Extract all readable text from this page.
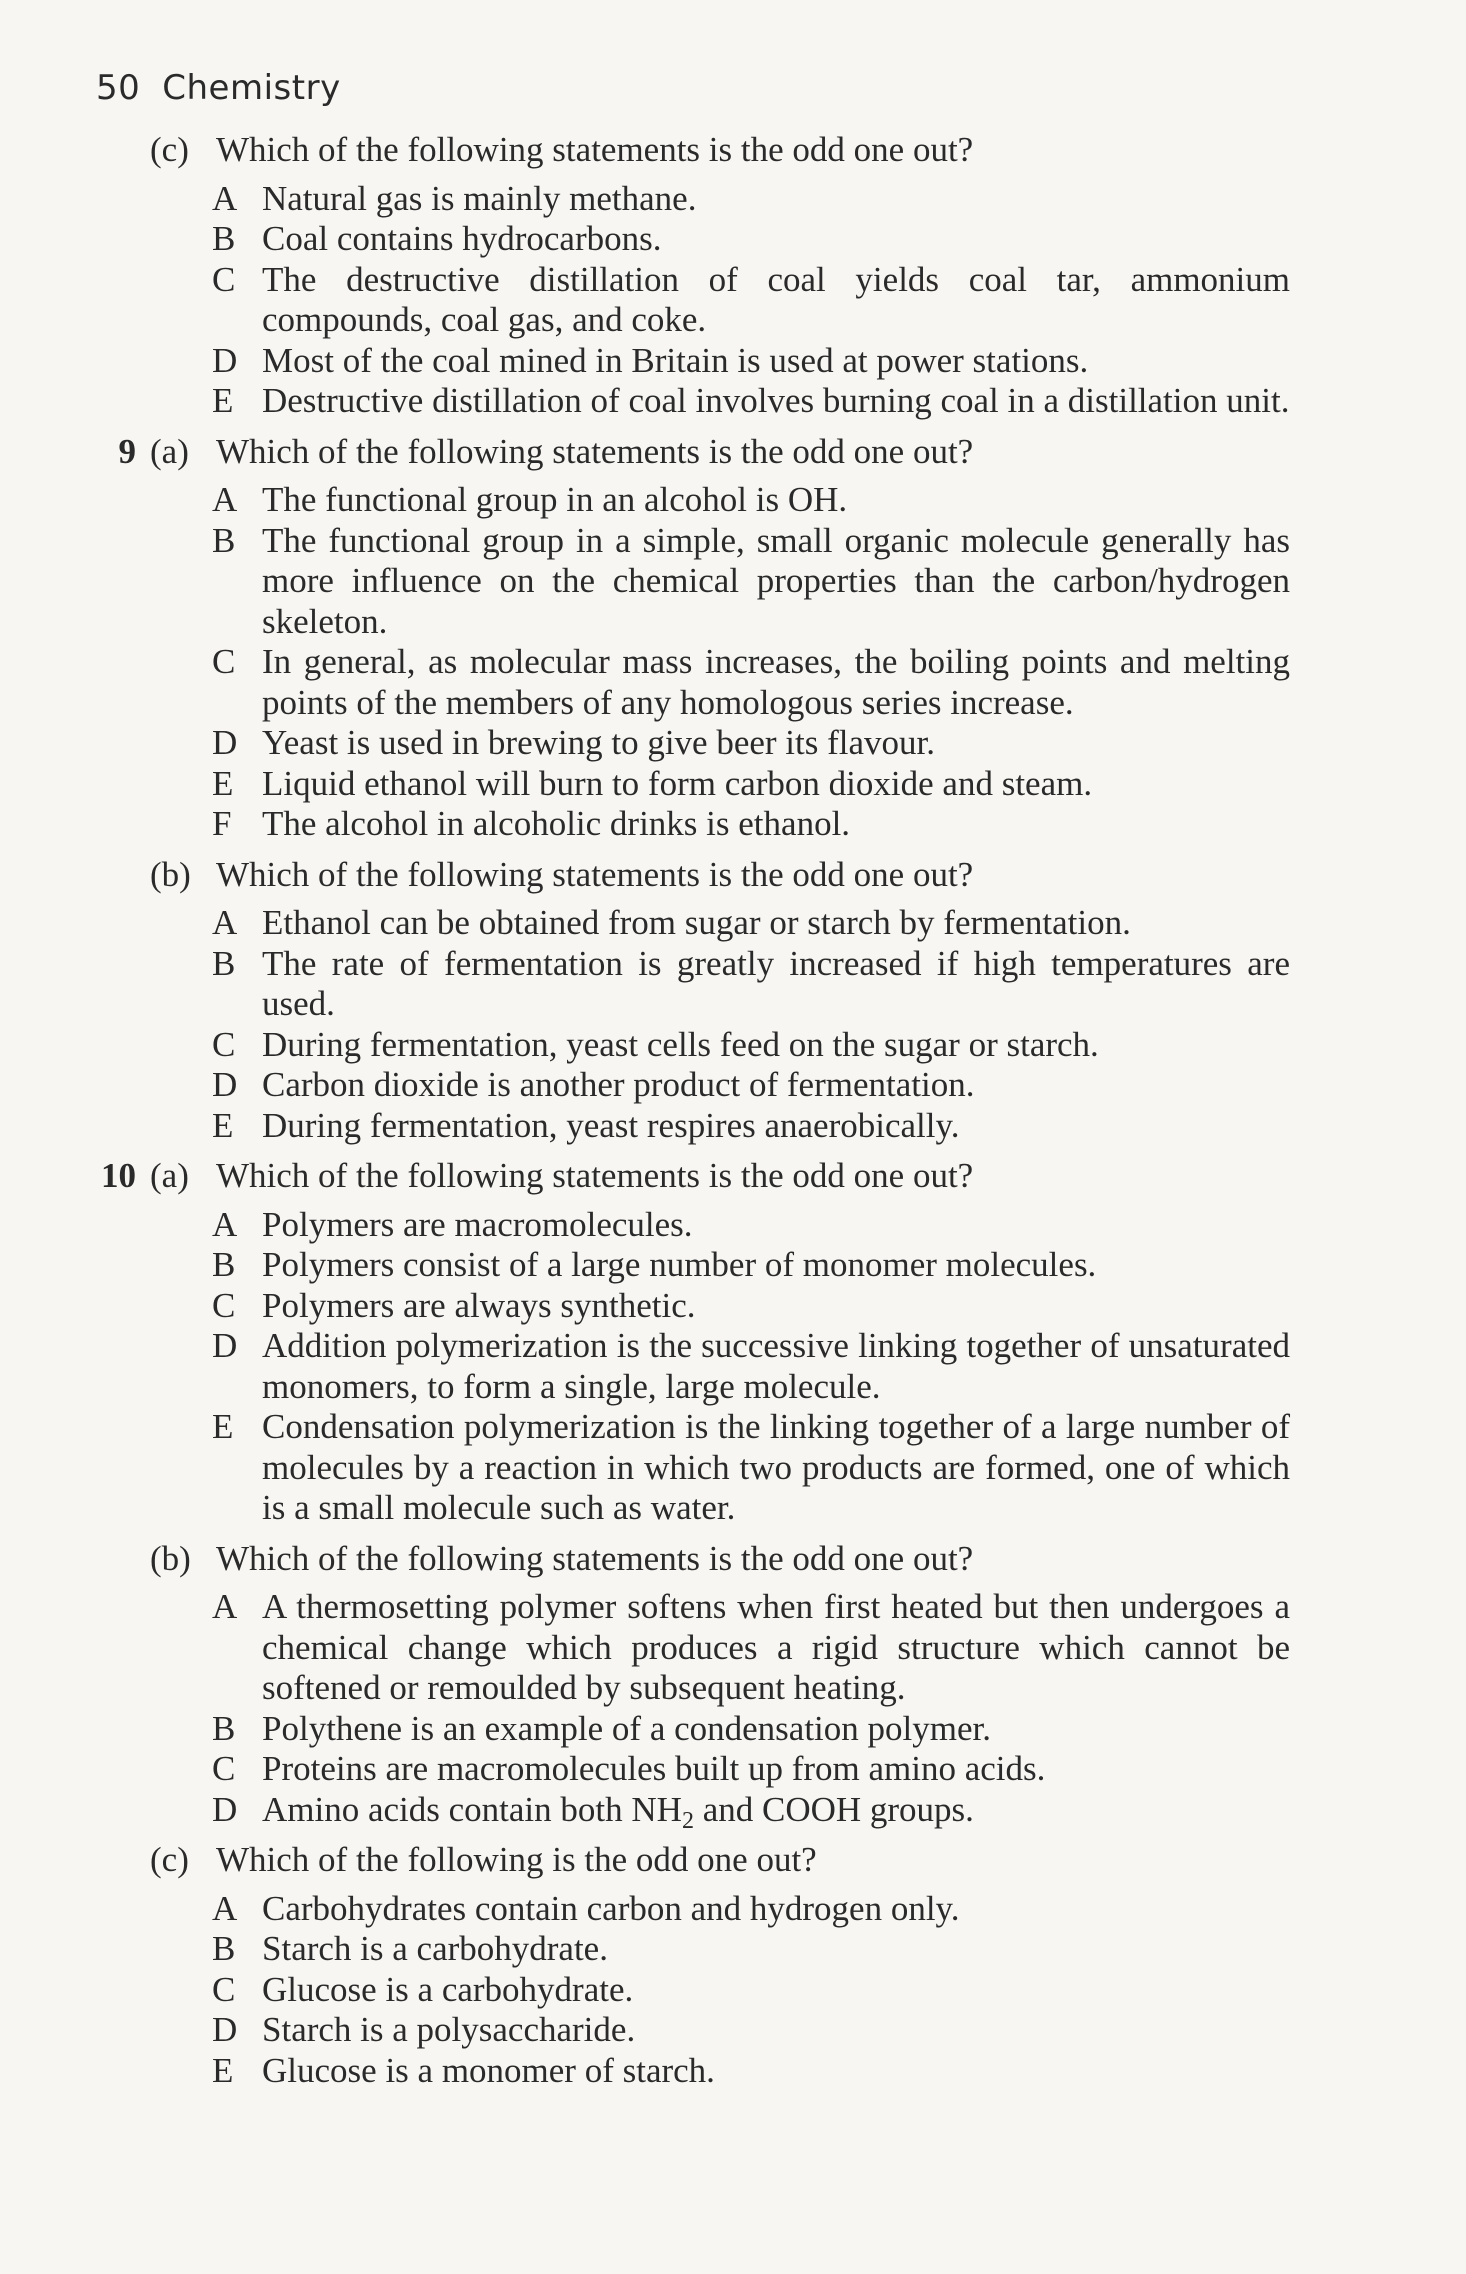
50 Chemistry
(c) Which of the following statements is the odd one out?
A Natural gas is mainly methane.
B Coal contains hydrocarbons.
C The destructive distillation of coal yields coal tar, ammonium compounds, coal gas, and coke.
D Most of the coal mined in Britain is used at power stations.
E Destructive distillation of coal involves burning coal in a distillation unit.
9 (a) Which of the following statements is the odd one out?
A The functional group in an alcohol is OH.
B The functional group in a simple, small organic molecule generally has more influence on the chemical properties than the carbon/hydrogen skeleton.
C In general, as molecular mass increases, the boiling points and melting points of the members of any homologous series increase.
D Yeast is used in brewing to give beer its flavour.
E Liquid ethanol will burn to form carbon dioxide and steam.
F The alcohol in alcoholic drinks is ethanol.
(b) Which of the following statements is the odd one out?
A Ethanol can be obtained from sugar or starch by fermentation.
B The rate of fermentation is greatly increased if high temperatures are used.
C During fermentation, yeast cells feed on the sugar or starch.
D Carbon dioxide is another product of fermentation.
E During fermentation, yeast respires anaerobically.
10 (a) Which of the following statements is the odd one out?
A Polymers are macromolecules.
B Polymers consist of a large number of monomer molecules.
C Polymers are always synthetic.
D Addition polymerization is the successive linking together of unsaturated monomers, to form a single, large molecule.
E Condensation polymerization is the linking together of a large number of molecules by a reaction in which two products are formed, one of which is a small molecule such as water.
(b) Which of the following statements is the odd one out?
A A thermosetting polymer softens when first heated but then undergoes a chemical change which produces a rigid structure which cannot be softened or remoulded by subsequent heating.
B Polythene is an example of a condensation polymer.
C Proteins are macromolecules built up from amino acids.
D Amino acids contain both $NH_2$ and COOH groups.
(c) Which of the following is the odd one out?
A Carbohydrates contain carbon and hydrogen only.
B Starch is a carbohydrate.
C Glucose is a carbohydrate.
D Starch is a polysaccharide.
E Glucose is a monomer of starch.
